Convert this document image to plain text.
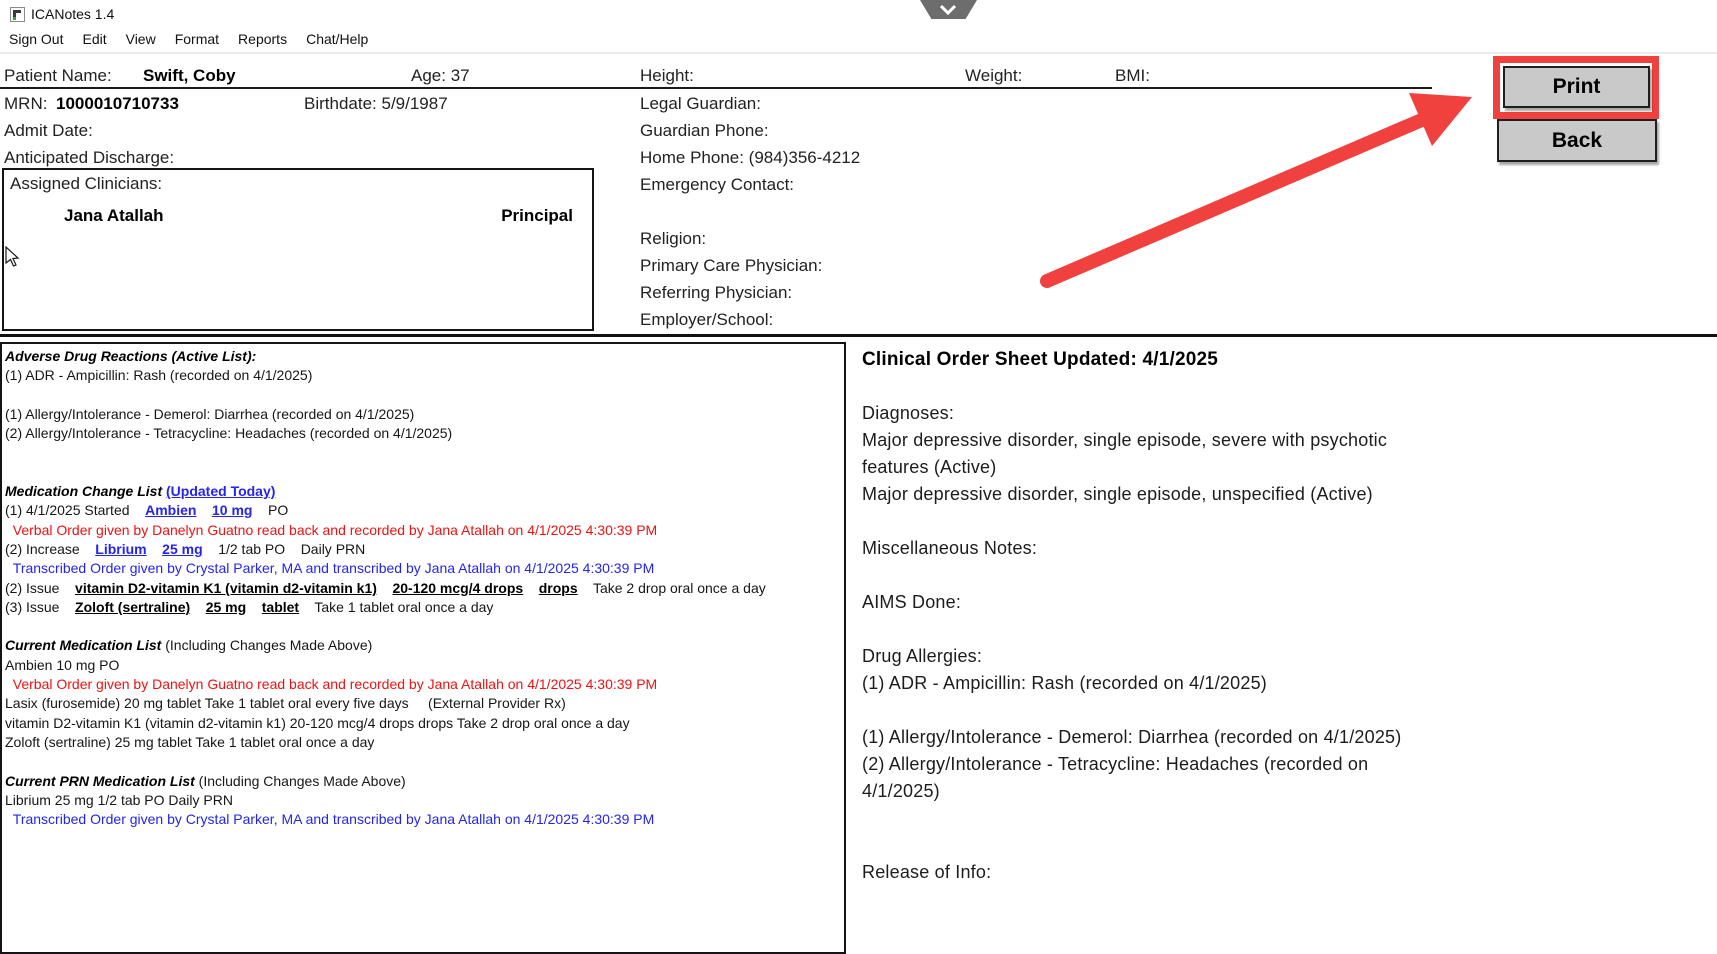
ICANotes 1.4
Sign Out Edit View Format Reports Chat/Help
Patient Name: Swift, Coby	Age: 37	Height:	Weight:	BMI:
MRN: 1000010710733	Birthdate: 5/9/1987
Admit Date:
Anticipated Discharge:
Legal Guardian:
Guardian Phone:
Home Phone: (984)356-4212
Emergency Contact:

Religion:
Primary Care Physician:
Referring Physician:
Employer/School:
Assigned Clinicians:
Jana Atallah	Principal
Adverse Drug Reactions (Active List):
(1) ADR - Ampicillin: Rash (recorded on 4/1/2025)

(1) Allergy/Intolerance - Demerol: Diarrhea (recorded on 4/1/2025)
(2) Allergy/Intolerance - Tetracycline: Headaches (recorded on 4/1/2025)

Medication Change List (Updated Today)
(1) 4/1/2025 Started    Ambien 10 mg    PO
Verbal Order given by Danelyn Guatno read back and recorded by Jana Atallah on 4/1/2025 4:30:39 PM
(2) Increase    Librium 25 mg    1/2 tab PO    Daily PRN
Transcribed Order given by Crystal Parker, MA and transcribed by Jana Atallah on 4/1/2025 4:30:39 PM
(2) Issue    vitamin D2-vitamin K1 (vitamin d2-vitamin k1) 20-120 mcg/4 drops drops    Take 2 drop oral once a day
(3) Issue    Zoloft (sertraline) 25 mg tablet    Take 1 tablet oral once a day

Current Medication List (Including Changes Made Above)
Ambien 10 mg PO
Verbal Order given by Danelyn Guatno read back and recorded by Jana Atallah on 4/1/2025 4:30:39 PM
Lasix (furosemide) 20 mg tablet Take 1 tablet oral every five days     (External Provider Rx)
vitamin D2-vitamin K1 (vitamin d2-vitamin k1) 20-120 mcg/4 drops drops Take 2 drop oral once a day
Zoloft (sertraline) 25 mg tablet Take 1 tablet oral once a day

Current PRN Medication List (Including Changes Made Above)
Librium 25 mg 1/2 tab PO Daily PRN
Transcribed Order given by Crystal Parker, MA and transcribed by Jana Atallah on 4/1/2025 4:30:39 PM
Clinical Order Sheet Updated: 4/1/2025

Diagnoses:
Major depressive disorder, single episode, severe with psychotic features (Active)
Major depressive disorder, single episode, unspecified (Active)

Miscellaneous Notes:

AIMS Done:

Drug Allergies:
(1) ADR - Ampicillin: Rash (recorded on 4/1/2025)

(1) Allergy/Intolerance - Demerol: Diarrhea (recorded on 4/1/2025)
(2) Allergy/Intolerance - Tetracycline: Headaches (recorded on 4/1/2025)

Release of Info:
Print
Back
